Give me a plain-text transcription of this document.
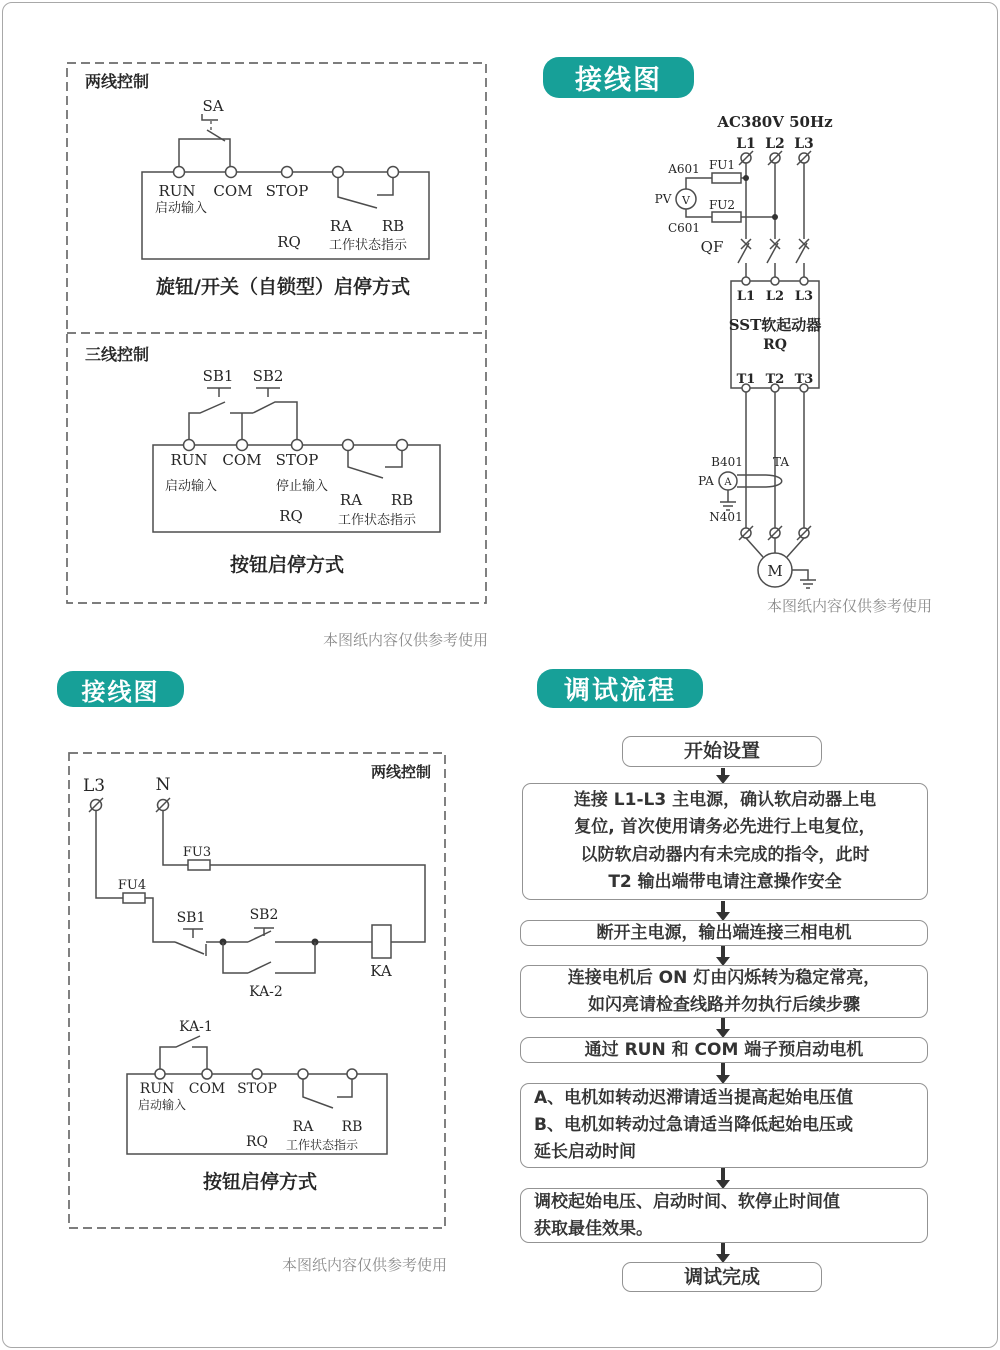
接线图
接线图	调试流程
两线控制
SA
RUN COM STOP
启动输入
RA RB
RQ 工作状态指示
旋钮/开关（自锁型）启停方式
三线控制
SB1 SB2
RUN COM STOP
启动输入	停止输入
RA RB
RQ	工作状态指示
按钮启停方式
AC380V 50Hz
L1 L2 L3
A601 FU1
PV V FU2
C601
QF
L1 L2 L3
SST软起动器
RQ
T1 T2 T3
B401	TA
PA A
N401
M
两线控制
L3	N
FU3
FU4
SB1	SB2
KA
KA-2
KA-1
RUN COM STOP
启动输入
RA RB
RQ 工作状态指示
按钮启停方式
本图纸内容仅供参考使用
本图纸内容仅供参考使用
本图纸内容仅供参考使用
开始设置
连接 L1-L3 主电源，确认软启动器上电
复位, 首次使用请务必先进行上电复位，
以防软启动器内有未完成的指令，此时
T2 输出端带电请注意操作安全
断开主电源，输出端连接三相电机
连接电机后 ON 灯由闪烁转为稳定常亮，
如闪亮请检查线路并勿执行后续步骤
通过 RUN 和 COM 端子预启动电机
A、电机如转动迟滞请适当提高起始电压值
B、电机如转动过急请适当降低起始电压或
延长启动时间
调校起始电压、启动时间、软停止时间值
获取最佳效果。
调试完成
